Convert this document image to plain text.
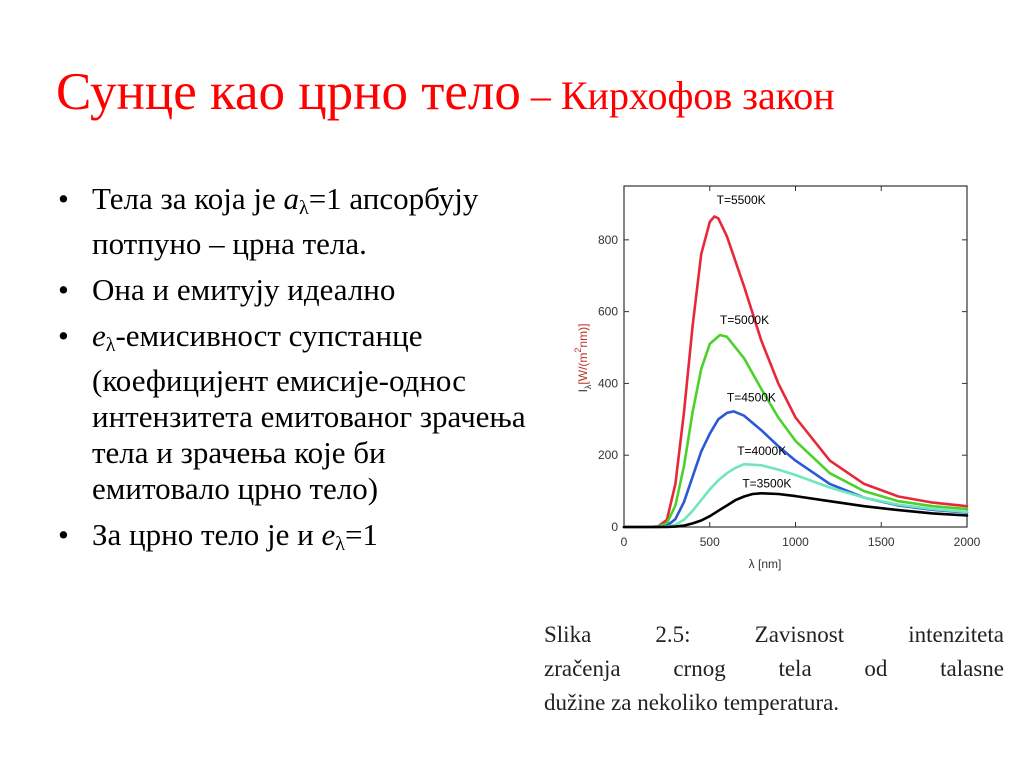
Сунце као црно тело – Кирхофов закон
• Тела за која је $a_\lambda=1$ апсорбују потпуно – црна тела.
• Она и емитују идеално
• $e_\lambda$-емисивност супстанце (коефицијент емисије-однос интензитета емитованог зрачења тела и зрачења које би емитовало црно тело)
• За црно тело је и $e_\lambda=1$	0	500	1000	1500	2000
0
200
400
600
800
T=5500K
T=5000K
T=4500K
T=4000K
T=3500K
λ [nm]
$I_\lambda[W/(m^2nm)]$
Slika 2.5: Zavisnost intenziteta
zračenja crnog tela od talasne
dužine za nekoliko temperatura.
